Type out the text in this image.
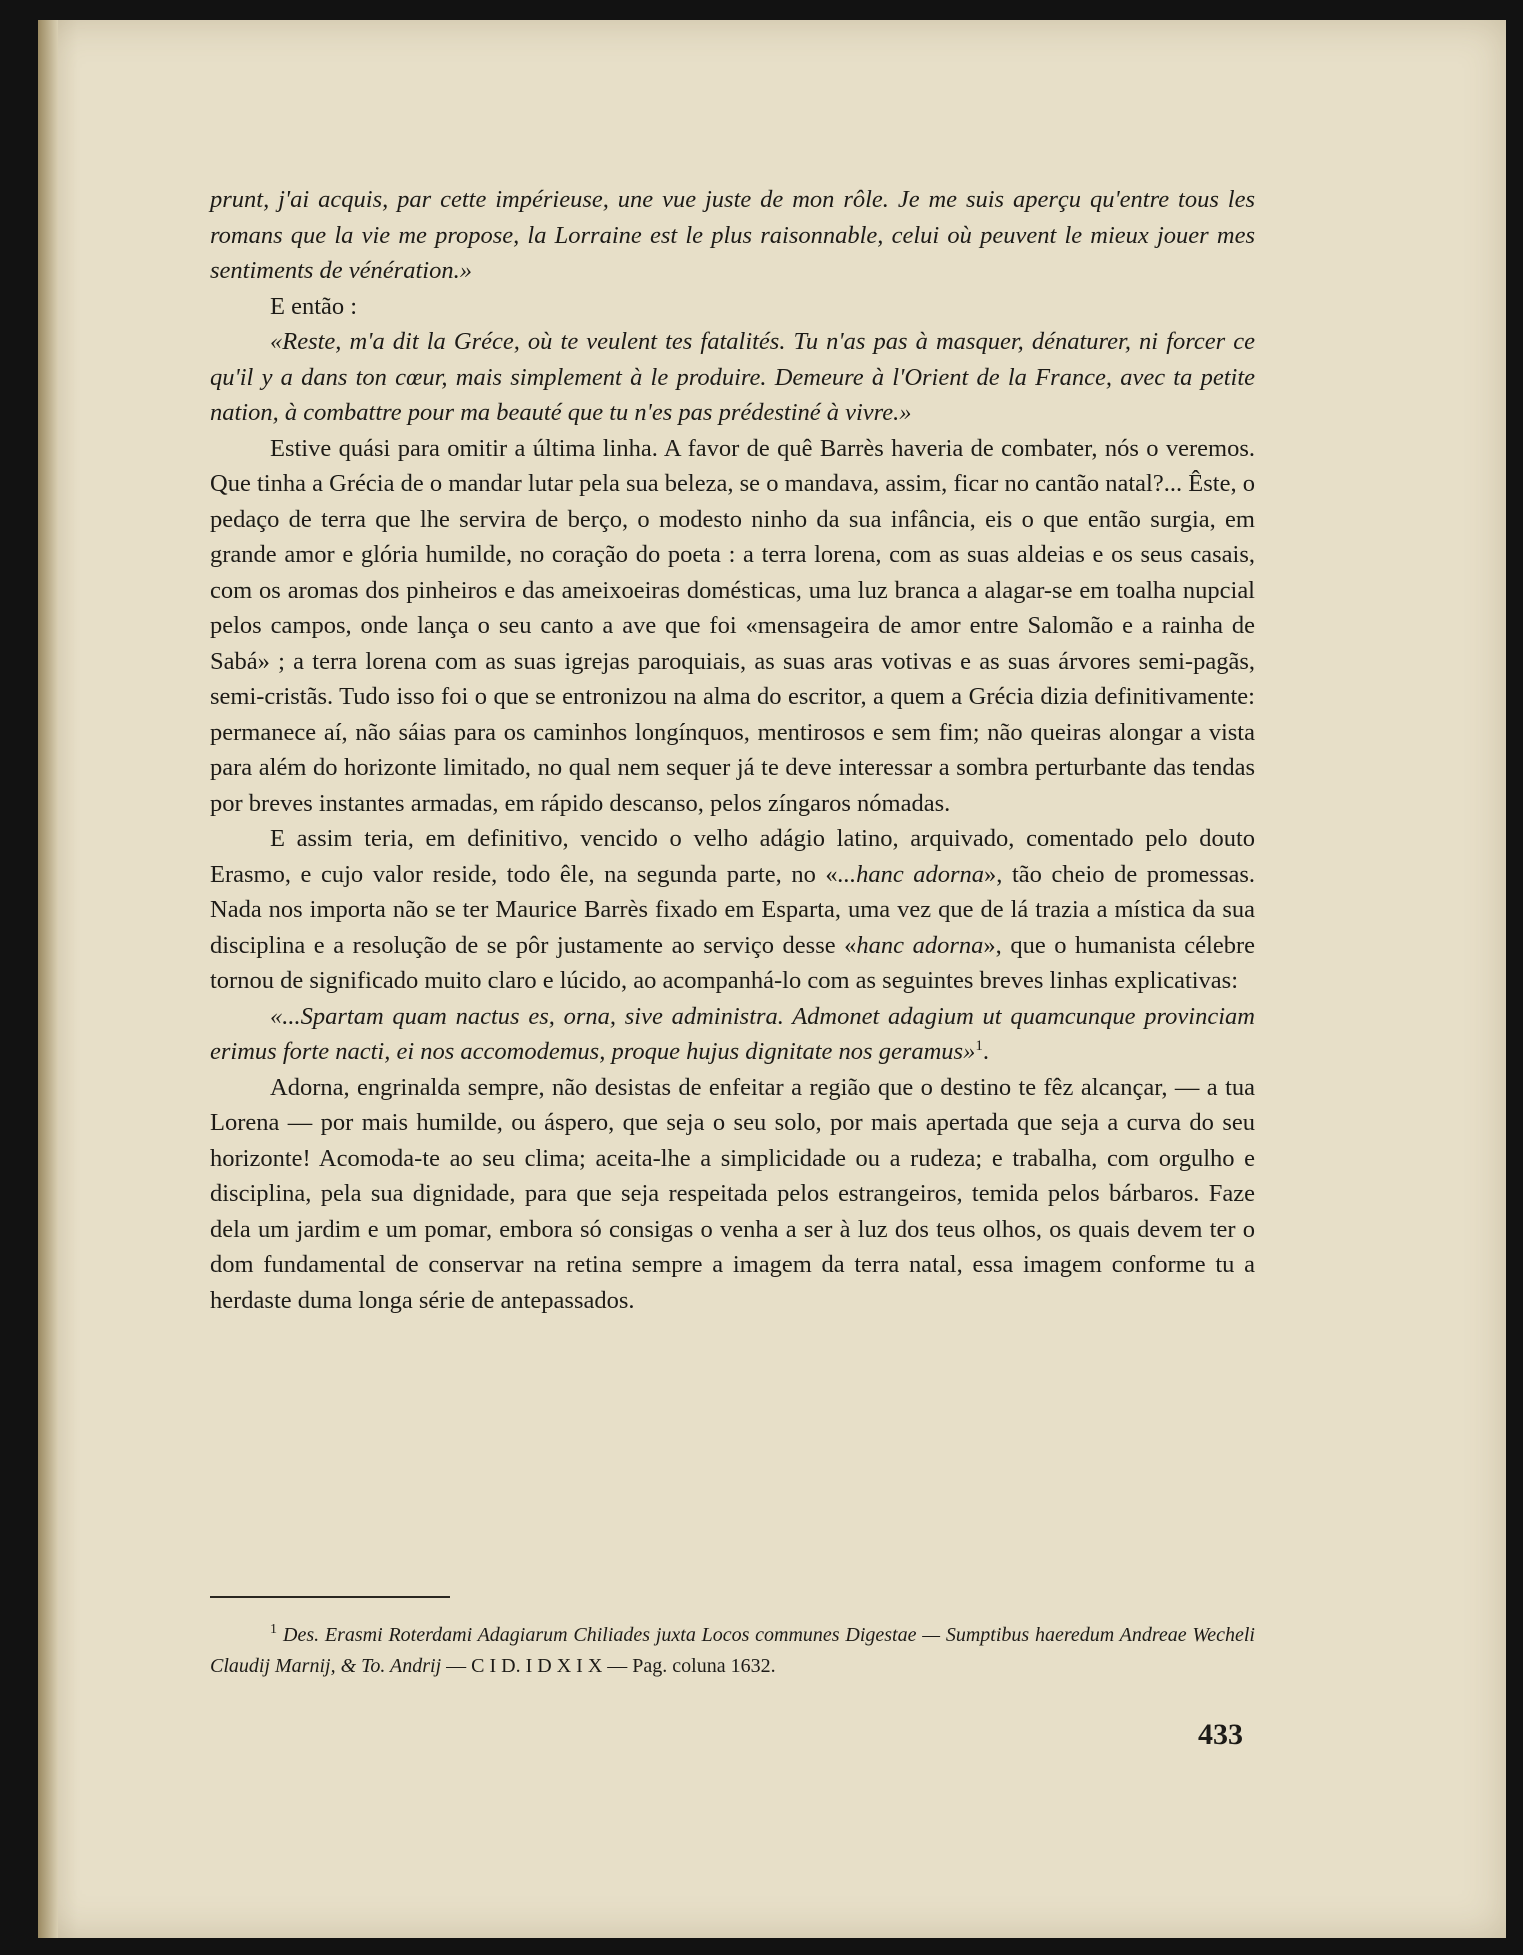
prunt, j'ai acquis, par cette impérieuse, une vue juste de mon rôle. Je me suis aperçu qu'entre tous les romans que la vie me propose, la Lorraine est le plus raisonnable, celui où peuvent le mieux jouer mes sentiments de vénération.»

E então :

«Reste, m'a dit la Gréce, où te veulent tes fatalités. Tu n'as pas à masquer, dénaturer, ni forcer ce qu'il y a dans ton cœur, mais simplement à le produire. Demeure à l'Orient de la France, avec ta petite nation, à combattre pour ma beauté que tu n'es pas prédestiné à vivre.»

Estive quási para omitir a última linha. A favor de quê Barrès haveria de combater, nós o veremos. Que tinha a Grécia de o mandar lutar pela sua beleza, se o mandava, assim, ficar no cantão natal?... Êste, o pedaço de terra que lhe servira de berço, o modesto ninho da sua infância, eis o que então surgia, em grande amor e glória humilde, no coração do poeta : a terra lorena, com as suas aldeias e os seus casais, com os aromas dos pinheiros e das ameixoeiras domésticas, uma luz branca a alagar-se em toalha nupcial pelos campos, onde lança o seu canto a ave que foi «mensageira de amor entre Salomão e a rainha de Sabá» ; a terra lorena com as suas igrejas paroquiais, as suas aras votivas e as suas árvores semi-pagãs, semi-cristãs. Tudo isso foi o que se entronizou na alma do escritor, a quem a Grécia dizia definitivamente: permanece aí, não sáias para os caminhos longínquos, mentirosos e sem fim; não queiras alongar a vista para além do horizonte limitado, no qual nem sequer já te deve interessar a sombra perturbante das tendas por breves instantes armadas, em rápido descanso, pelos zíngaros nómadas.

E assim teria, em definitivo, vencido o velho adágio latino, arquivado, comentado pelo douto Erasmo, e cujo valor reside, todo êle, na segunda parte, no «...hanc adorna», tão cheio de promessas. Nada nos importa não se ter Maurice Barrès fixado em Esparta, uma vez que de lá trazia a mística da sua disciplina e a resolução de se pôr justamente ao serviço desse «hanc adorna», que o humanista célebre tornou de significado muito claro e lúcido, ao acompanhá-lo com as seguintes breves linhas explicativas:

«...Spartam quam nactus es, orna, sive administra. Admonet adagium ut quamcunque provinciam erimus forte nacti, ei nos accomodemus, proque hujus dignitate nos geramus»$^1$.

Adorna, engrinalda sempre, não desistas de enfeitar a região que o destino te fêz alcançar, — a tua Lorena — por mais humilde, ou áspero, que seja o seu solo, por mais apertada que seja a curva do seu horizonte! Acomoda-te ao seu clima; aceita-lhe a simplicidade ou a rudeza; e trabalha, com orgulho e disciplina, pela sua dignidade, para que seja respeitada pelos estrangeiros, temida pelos bárbaros. Faze dela um jardim e um pomar, embora só consigas o venha a ser à luz dos teus olhos, os quais devem ter o dom fundamental de conservar na retina sempre a imagem da terra natal, essa imagem conforme tu a herdaste duma longa série de antepassados.

$^1$ Des. Erasmi Roterdami Adagiarum Chiliades juxta Locos communes Digestae — Sumptibus haeredum Andreae Wecheli Claudij Marnij, & To. Andrij — C I D. I D X I X — Pag. coluna 1632.
433
